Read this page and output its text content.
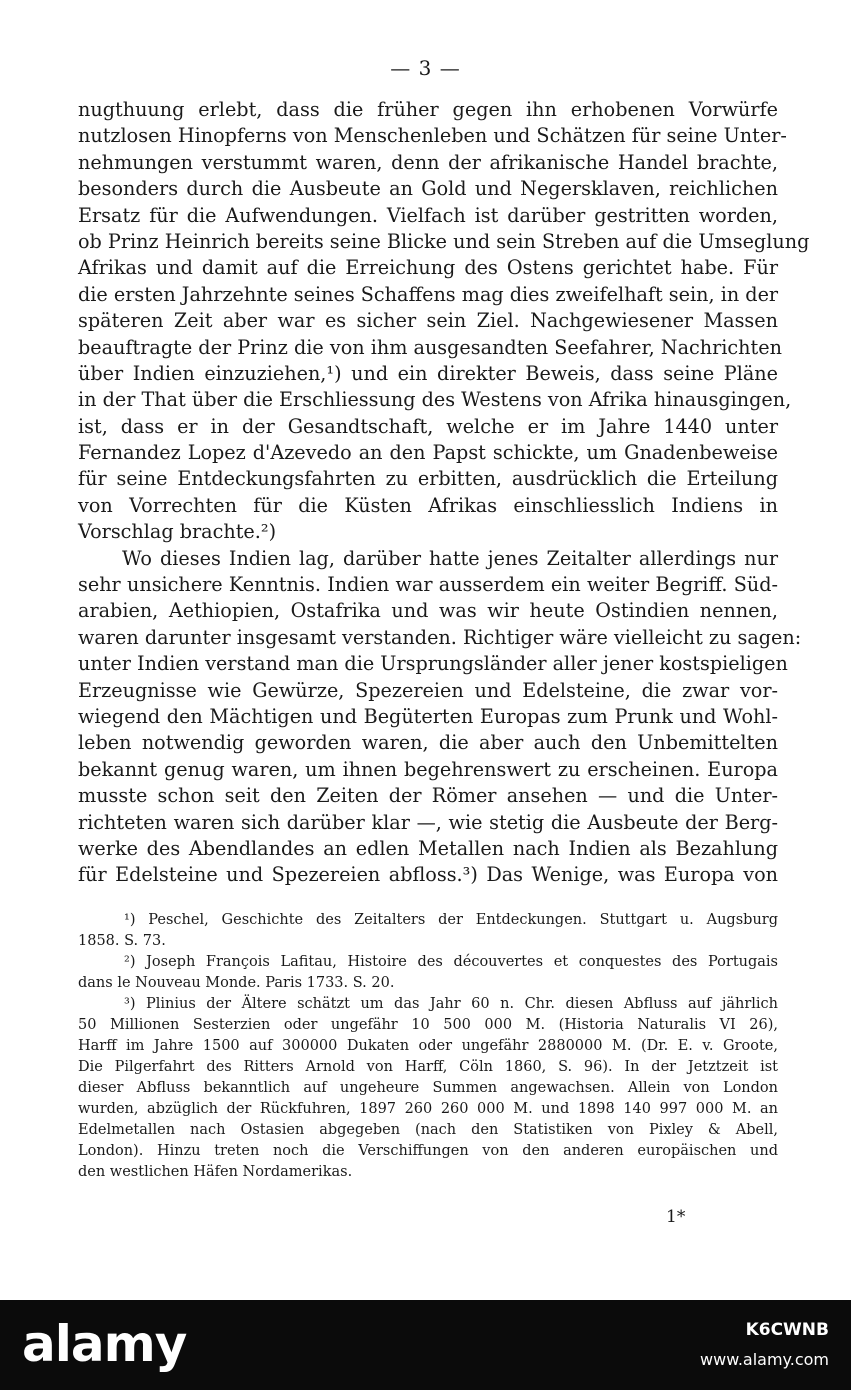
— 3 —
nugthuung erlebt, dass die früher gegen ihn erhobenen Vorwürfe
nutzlosen Hinopferns von Menschenleben und Schätzen für seine Unter-
nehmungen verstummt waren, denn der afrikanische Handel brachte,
besonders durch die Ausbeute an Gold und Negersklaven, reichlichen
Ersatz für die Aufwendungen. Vielfach ist darüber gestritten worden,
ob Prinz Heinrich bereits seine Blicke und sein Streben auf die Umseglung
Afrikas und damit auf die Erreichung des Ostens gerichtet habe. Für
die ersten Jahrzehnte seines Schaffens mag dies zweifelhaft sein, in der
späteren Zeit aber war es sicher sein Ziel. Nachgewiesener Massen
beauftragte der Prinz die von ihm ausgesandten Seefahrer, Nachrichten
über Indien einzuziehen,¹) und ein direkter Beweis, dass seine Pläne
in der That über die Erschliessung des Westens von Afrika hinausgingen,
ist, dass er in der Gesandtschaft, welche er im Jahre 1440 unter
Fernandez Lopez d'Azevedo an den Papst schickte, um Gnadenbeweise
für seine Entdeckungsfahrten zu erbitten, ausdrücklich die Erteilung
von Vorrechten für die Küsten Afrikas einschliesslich Indiens in
Vorschlag brachte.²)
Wo dieses Indien lag, darüber hatte jenes Zeitalter allerdings nur
sehr unsichere Kenntnis. Indien war ausserdem ein weiter Begriff. Süd-
arabien, Aethiopien, Ostafrika und was wir heute Ostindien nennen,
waren darunter insgesamt verstanden. Richtiger wäre vielleicht zu sagen:
unter Indien verstand man die Ursprungsländer aller jener kostspieligen
Erzeugnisse wie Gewürze, Spezereien und Edelsteine, die zwar vor-
wiegend den Mächtigen und Begüterten Europas zum Prunk und Wohl-
leben notwendig geworden waren, die aber auch den Unbemittelten
bekannt genug waren, um ihnen begehrenswert zu erscheinen. Europa
musste schon seit den Zeiten der Römer ansehen — und die Unter-
richteten waren sich darüber klar —, wie stetig die Ausbeute der Berg-
werke des Abendlandes an edlen Metallen nach Indien als Bezahlung
für Edelsteine und Spezereien abfloss.³) Das Wenige, was Europa von
¹) Peschel, Geschichte des Zeitalters der Entdeckungen. Stuttgart u. Augsburg
1858. S. 73.
²) Joseph François Lafitau, Histoire des découvertes et conquestes des Portugais
dans le Nouveau Monde. Paris 1733. S. 20.
³) Plinius der Ältere schätzt um das Jahr 60 n. Chr. diesen Abfluss auf jährlich
50 Millionen Sesterzien oder ungefähr 10 500 000 M. (Historia Naturalis VI 26),
Harff im Jahre 1500 auf 300000 Dukaten oder ungefähr 2880000 M. (Dr. E. v. Groote,
Die Pilgerfahrt des Ritters Arnold von Harff, Cöln 1860, S. 96). In der Jetztzeit ist
dieser Abfluss bekanntlich auf ungeheure Summen angewachsen. Allein von London
wurden, abzüglich der Rückfuhren, 1897 260 260 000 M. und 1898 140 997 000 M. an
Edelmetallen nach Ostasien abgegeben (nach den Statistiken von Pixley & Abell,
London). Hinzu treten noch die Verschiffungen von den anderen europäischen und
den westlichen Häfen Nordamerikas.
1*
alamy	K6CWNB
www.alamy.com
